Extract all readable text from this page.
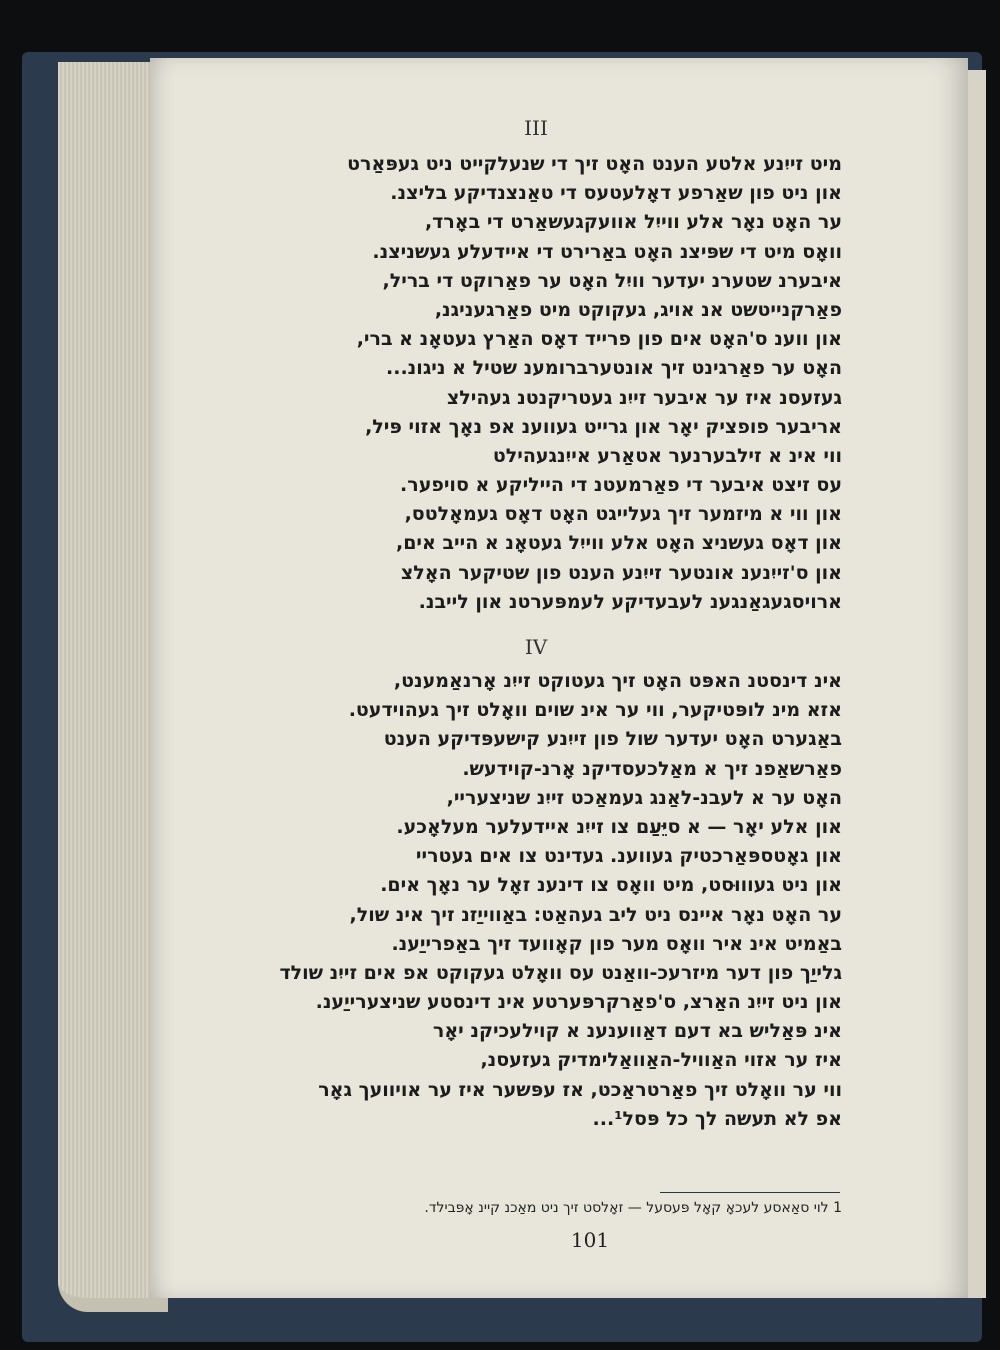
III
מיט זייִנע אלטע הענט האָט זיך די שנעלקייט ניט געפּאַרט
און ניט פון שאַרפע דאָלעטעס די טאַנצנדיקע בליצנ.
ער האָט נאָר אלע ווייִל אוועקגעשאַרט די באָרד,
וואָס מיט די שפּיצנ האָט באַרירט די איידעלע געשניצנ.
איבערנ שטערנ יעדער וויִל האָט ער פאַרוקט די בריל,
פאַרקנייטשט אנ אויג, געקוקט מיט פאַרגעניגנ,
און ווענ ס'האָט אים פון פרייד דאָס האַרץ געטאָנ א ברי,
האָט ער פאַרגינט זיך אונטערברומענ שטיל א ניגונ...
געזעסנ איז ער איבער זייִנ געטריקנטנ געהילצ
אריבער פופציק יאָר און גרייט געווענ אפ נאָך אזוי פּיל,
ווי אינ א זילבערנער אטאַרע אייִנגעהילט
עס זיצט איבער די פאַרמעטנ די הייליקע א סויפער.
און ווי א מיזמער זיך געלייגט האָט דאָס געמאָלטס,
און דאָס געשניצ האָט אלע ווייִל געטאָנ א הייב אים,
און ס'זייִנענ אונטער זייִנע הענט פון שטיקער האָלצ
ארויסגעגאַנגענ לעבעדיקע לעמפּערטנ און לייבנ.
IV
אינ דינסטנ האפּט האָט זיך געטוקט זייִנ אָרנאַמענט,
אזא מינ לופּטיקער, ווי ער אינ שוים וואָלט זיך געהוידעט.
באַגערט האָט יעדער שול פון זייִנע קישעפּדיקע הענט
פאַרשאַפנ זיך א מאַלכעסדיקנ אָרנ-קוידעש.
האָט ער א לעבנ-לאַנג געמאַכט זייִנ שניצעריי,
און אלע יאָר — א סיֵּעַם צו זייִנ איידעלער מעלאָכע.
און גאָטספּאַרכטיק געווענ. געדינט צו אים געטריי
און ניט געוווּסט, מיט וואָס צו דינענ זאָל ער נאָך אים.
ער האָט נאָר איינס ניט ליב געהאַט: באַווייַזנ זיך אינ שול,
באַמיט אינ איר וואָס מער פון קאָוועד זיך באַפרייַענ.
גלייַך פון דער מיזרעכ-וואַנט עס וואָלט געקוקט אפ אים זייִנ שולד
און ניט זייִנ האַרצ, ס'פאַרקרפּערטע אינ דינסטע שניצערייַענ.
אינ פּאַליש בא דעם דאַווענענ א קוילעכיקנ יאָר
איז ער אזוי האַוויל-האַוואַלימדיק געזעסנ,
ווי ער וואָלט זיך פאַרטראַכט, אז עפּשער איז ער אויוועך גאָר
אפ לא תעשה לך כל פּסל¹...
1 לוי סאַאסע לעכאָ קאָל פּעסעל — זאָלסט זיך ניט מאַכנ קיינ אָפּבילד.
101
